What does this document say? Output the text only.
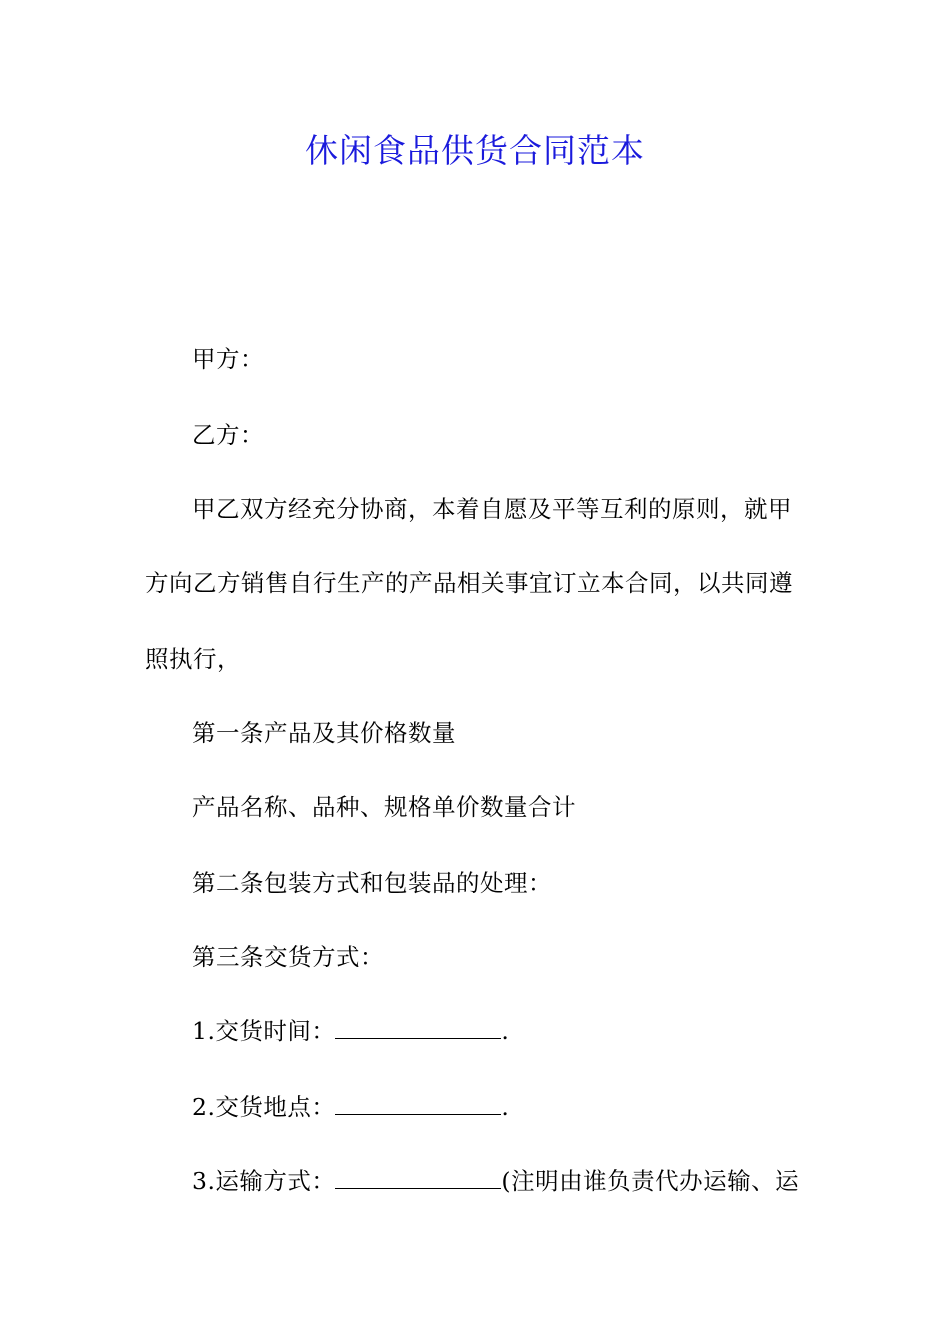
休闲食品供货合同范本
甲方：
乙方：
甲乙双方经充分协商，本着自愿及平等互利的原则，就甲
方向乙方销售自行生产的产品相关事宜订立本合同，以共同遵
照执行，
第一条产品及其价格数量
产品名称、品种、规格单价数量合计
第二条包装方式和包装品的处理：
第三条交货方式：
1.交货时间：	.
2.交货地点：	.
3.运输方式：	(注明由谁负责代办运输、运
